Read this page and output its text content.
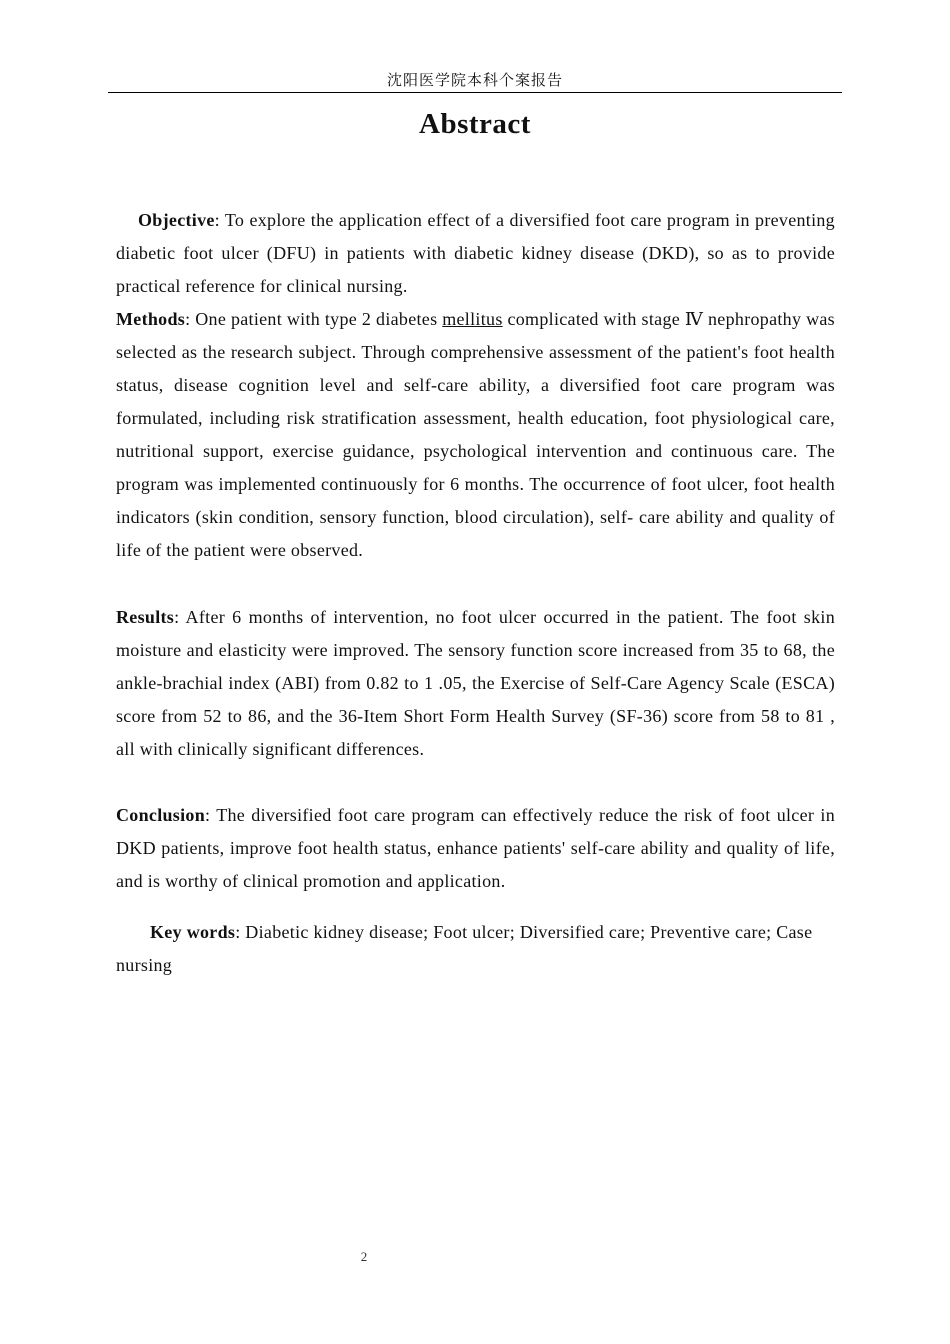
沈阳医学院本科个案报告
Abstract

Objective: To explore the application effect of a diversified foot care program in preventing diabetic foot ulcer (DFU) in patients with diabetic kidney disease (DKD), so as to provide practical reference for clinical nursing.

Methods: One patient with type 2 diabetes mellitus complicated with stage Ⅳ nephropathy was selected as the research subject. Through comprehensive assessment of the patient's foot health status, disease cognition level and self-care ability, a diversified foot care program was formulated, including risk stratification assessment, health education, foot physiological care, nutritional support, exercise guidance, psychological intervention and continuous care. The program was implemented continuously for 6 months. The occurrence of foot ulcer, foot health indicators (skin condition, sensory function, blood circulation), self- care ability and quality of life of the patient were observed.

Results: After 6 months of intervention, no foot ulcer occurred in the patient. The foot skin moisture and elasticity were improved. The sensory function score increased from 35 to 68, the ankle-brachial index (ABI) from 0.82 to 1 .05, the Exercise of Self-Care Agency Scale (ESCA) score from 52 to 86, and the 36-Item Short Form Health Survey (SF-36) score from 58 to 81 , all with clinically significant differences.

Conclusion: The diversified foot care program can effectively reduce the risk of foot ulcer in DKD patients, improve foot health status, enhance patients' self-care ability and quality of life, and is worthy of clinical promotion and application.

Key words: Diabetic kidney disease; Foot ulcer; Diversified care; Preventive care; Case nursing

2
